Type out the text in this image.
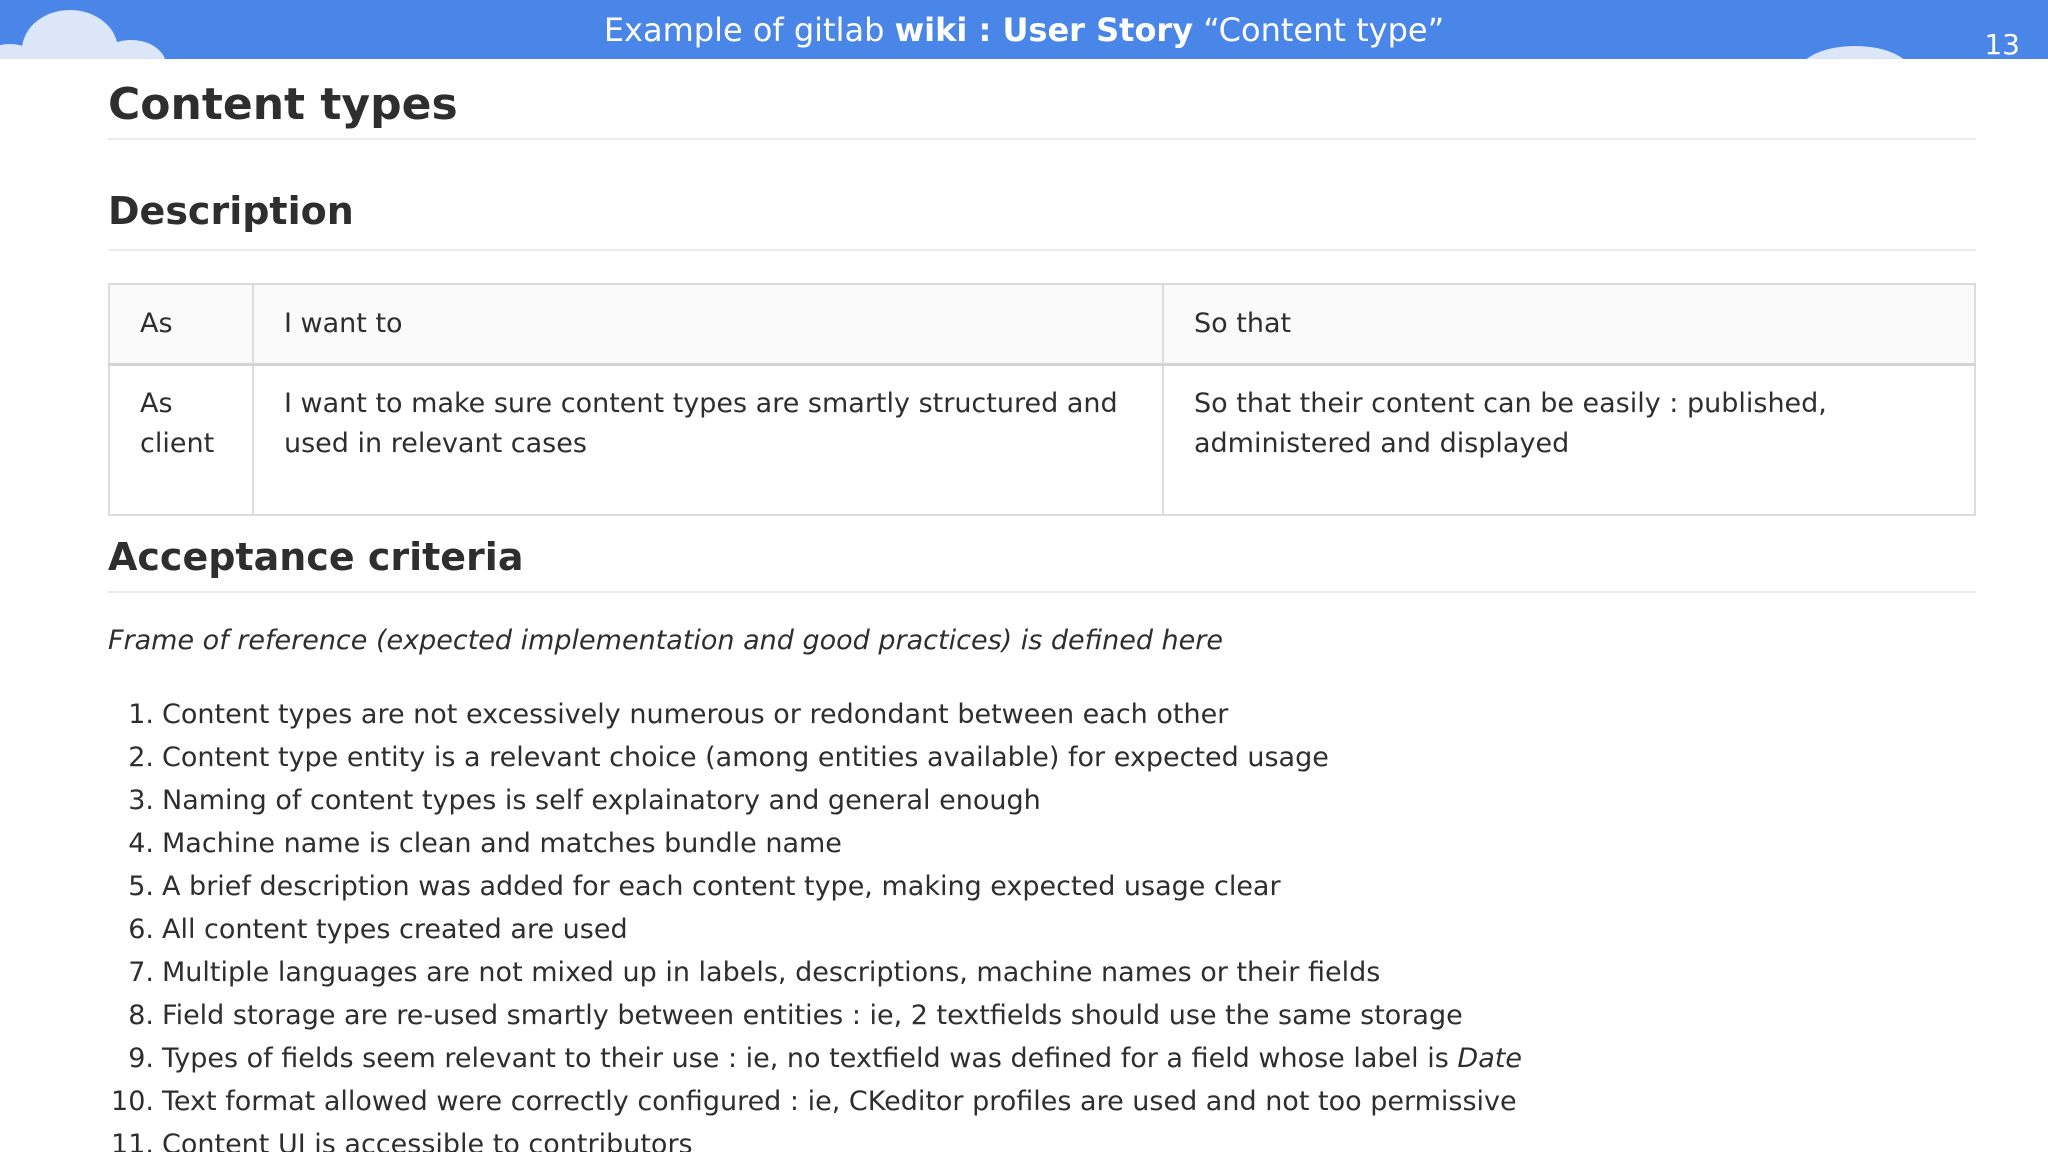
Example of gitlab wiki : User Story “Content type”	13
Content types
Description
As	I want to	So that
As client	I want to make sure content types are smartly structured and used in relevant cases	So that their content can be easily : published, administered and displayed
Acceptance criteria
Frame of reference (expected implementation and good practices) is defined here
1. Content types are not excessively numerous or redondant between each other
2. Content type entity is a relevant choice (among entities available) for expected usage
3. Naming of content types is self explainatory and general enough
4. Machine name is clean and matches bundle name
5. A brief description was added for each content type, making expected usage clear
6. All content types created are used
7. Multiple languages are not mixed up in labels, descriptions, machine names or their fields
8. Field storage are re-used smartly between entities : ie, 2 textfields should use the same storage
9. Types of fields seem relevant to their use : ie, no textfield was defined for a field whose label is Date
10. Text format allowed were correctly configured : ie, CKeditor profiles are used and not too permissive
11. Content UI is accessible to contributors
